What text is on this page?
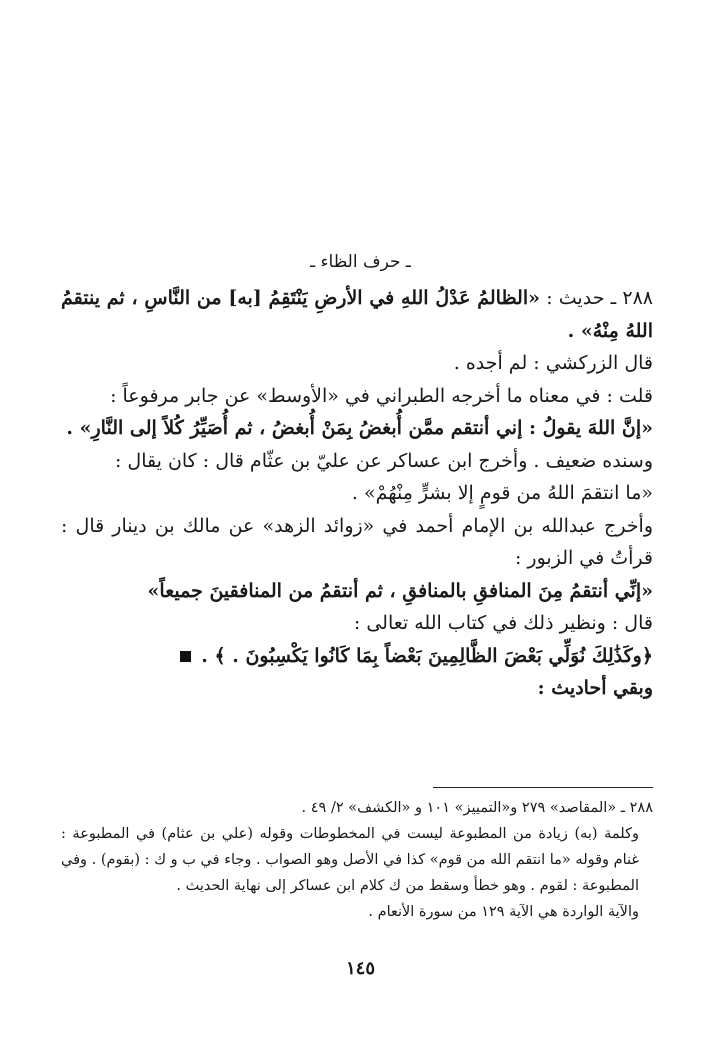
ـ حرف الظاء ـ

٢٨٨ ـ حديث : «الظالمُ عَدْلُ اللهِ في الأرضِ يَنْتَقِمُ [به] من النَّاسِ ، ثم ينتقمُ اللهُ مِنْهُ» .

قال الزركشي : لم أجده .

قلت : في معناه ما أخرجه الطبراني في «الأوسط» عن جابر مرفوعاً :

«إنَّ اللهَ يقولُ : إني أنتقم ممَّن أُبغضُ بِمَنْ أُبغضُ ، ثم أُصَيِّرُ كُلاً إلى النَّارِ» .

وسنده ضعيف . وأخرج ابن عساكر عن عليّ بن عثّام قال : كان يقال :

«ما انتقمَ اللهُ من قومٍ إلا بشرٍّ مِنْهُمْ» .

وأخرج عبدالله بن الإمام أحمد في «زوائد الزهد» عن مالك بن دينار قال : قرأتُ في الزبور :

«إنِّي أنتقمُ مِنَ المنافقِ بالمنافقِ ، ثم أنتقمُ من المنافقينَ جميعاً»

قال : ونظير ذلك في كتاب الله تعالى :

﴿وكَذَٰلِكَ نُوَلِّي بَعْضَ الظَّالِمِينَ بَعْضاً بِمَا كَانُوا يَكْسِبُونَ . ﴾ .

وبقي أحاديث :

٢٨٨ ـ «المقاصد» ٢٧٩ و«التمييز» ١٠١ و «الكشف» ٢/ ٤٩ .

وكلمة (به) زيادة من المطبوعة ليست في المخطوطات وقوله (علي بن عثام) في المطبوعة : غنام وقوله «ما انتقم الله من قوم» كذا في الأصل وهو الصواب . وجاء في ب و ك : (بقوم) . وفي المطبوعة : لقوم . وهو خطأ وسقط من ك كلام ابن عساكر إلى نهاية الحديث .

والآية الواردة هي الآية ١٢٩ من سورة الأنعام .

١٤٥
